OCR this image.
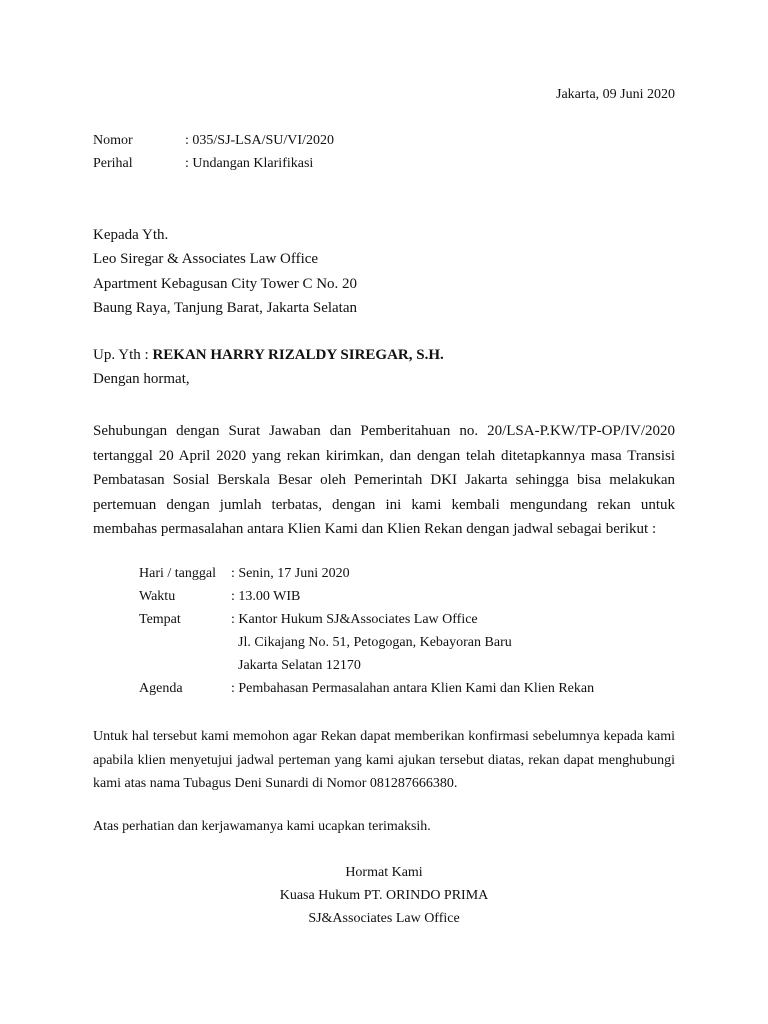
Jakarta, 09 Juni 2020
Nomor	: 035/SJ-LSA/SU/VI/2020
Perihal	: Undangan Klarifikasi
Kepada Yth.
Leo Siregar & Associates Law Office
Apartment Kebagusan City Tower C No. 20
Baung Raya, Tanjung Barat, Jakarta Selatan
Up. Yth : REKAN HARRY RIZALDY SIREGAR, S.H.
Dengan hormat,
Sehubungan dengan Surat Jawaban dan Pemberitahuan no. 20/LSA-P.KW/TP-OP/IV/2020 tertanggal 20 April 2020 yang rekan kirimkan, dan dengan telah ditetapkannya masa Transisi Pembatasan Sosial Berskala Besar oleh Pemerintah DKI Jakarta sehingga bisa melakukan pertemuan dengan jumlah terbatas, dengan ini kami kembali mengundang rekan untuk membahas permasalahan antara Klien Kami dan Klien Rekan dengan jadwal sebagai berikut :
Hari / tanggal : Senin, 17 Juni 2020
Waktu	: 13.00 WIB
Tempat	: Kantor Hukum SJ&Associates Law Office
Jl. Cikajang No. 51, Petogogan, Kebayoran Baru
Jakarta Selatan 12170
Agenda	: Pembahasan Permasalahan antara Klien Kami dan Klien Rekan
Untuk hal tersebut kami memohon agar Rekan dapat memberikan konfirmasi sebelumnya kepada kami apabila klien menyetujui jadwal perteman yang kami ajukan tersebut diatas, rekan dapat menghubungi kami atas nama Tubagus Deni Sunardi di Nomor 081287666380.
Atas perhatian dan kerjawamanya kami ucapkan terimaksih.
Hormat Kami
Kuasa Hukum PT. ORINDO PRIMA
SJ&Associates Law Office
